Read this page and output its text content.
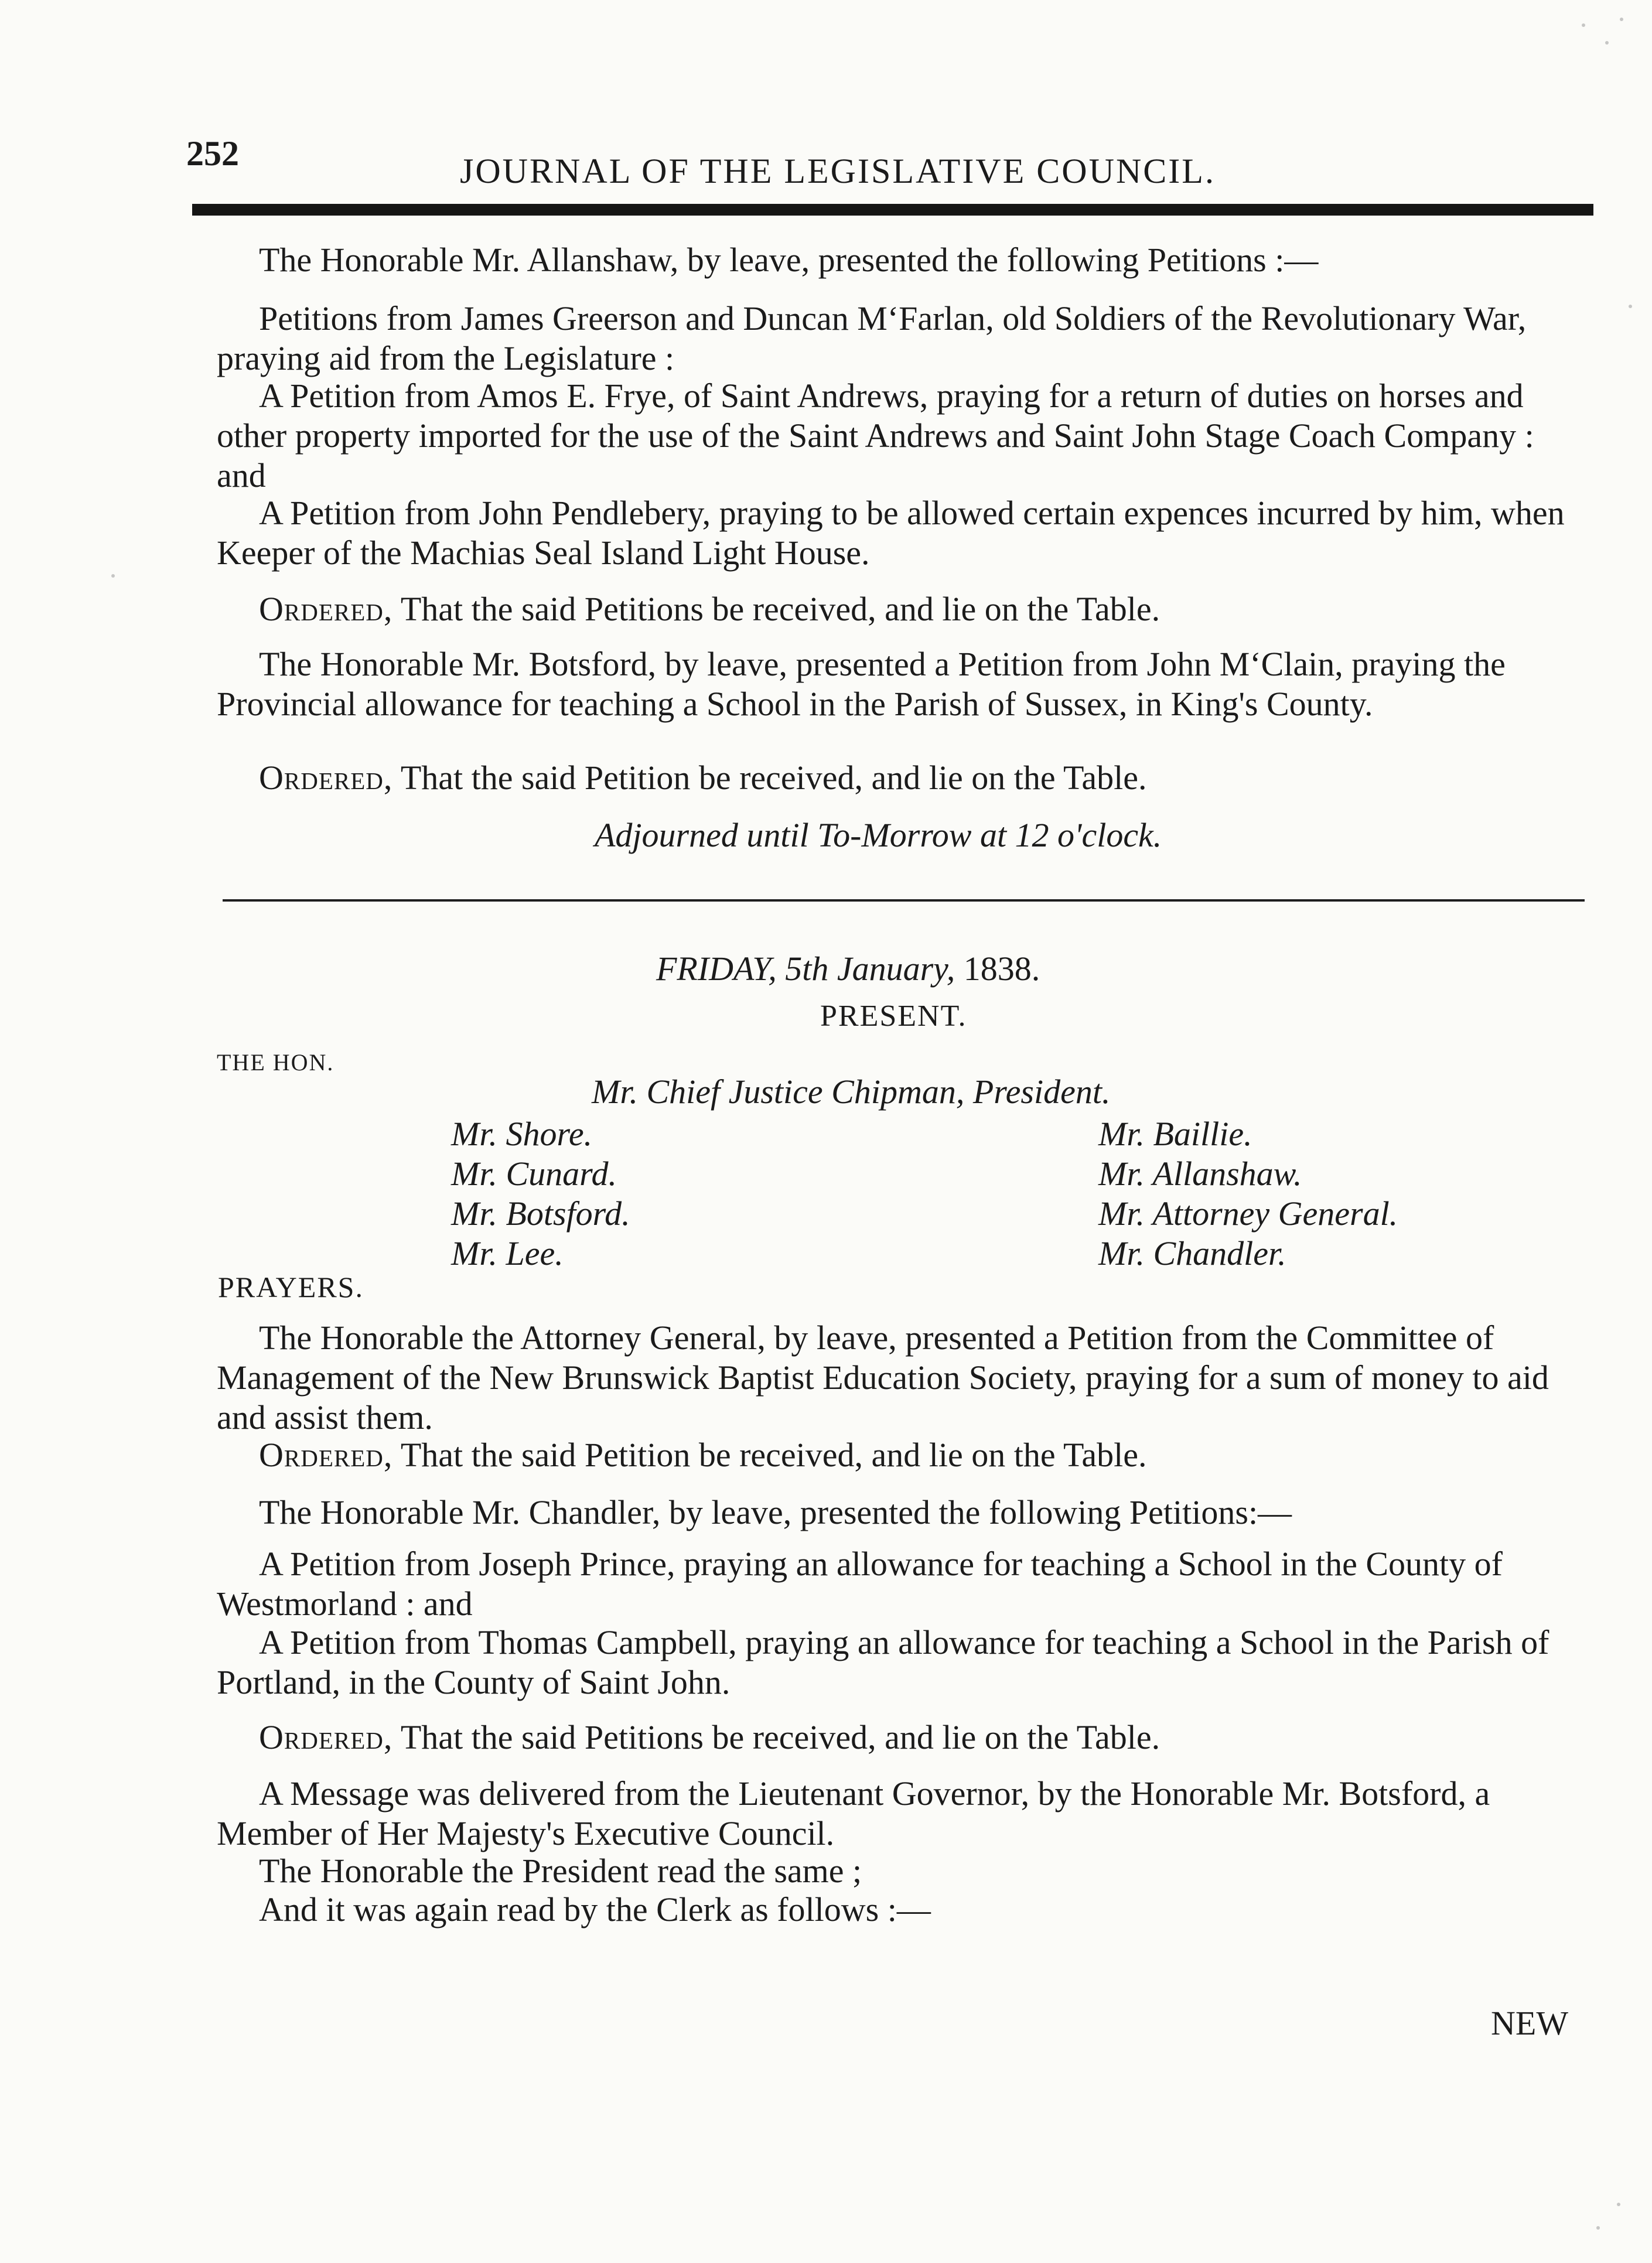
252	JOURNAL OF THE LEGISLATIVE COUNCIL.
The Honorable Mr. Allanshaw, by leave, presented the following Petitions :—
Petitions from James Greerson and Duncan M‘Farlan, old Soldiers of the Revolutionary War, praying aid from the Legislature :
A Petition from Amos E. Frye, of Saint Andrews, praying for a return of duties on horses and other property imported for the use of the Saint Andrews and Saint John Stage Coach Company : and
A Petition from John Pendlebery, praying to be allowed certain expences incurred by him, when Keeper of the Machias Seal Island Light House.
Ordered, That the said Petitions be received, and lie on the Table.
The Honorable Mr. Botsford, by leave, presented a Petition from John M‘Clain, praying the Provincial allowance for teaching a School in the Parish of Sussex, in King's County.
Ordered, That the said Petition be received, and lie on the Table.
Adjourned until To-Morrow at 12 o'clock.
FRIDAY, 5th January, 1838.
PRESENT.
THE HON.
Mr. Chief Justice Chipman, President.
Mr. Shore.
Mr. Cunard.
Mr. Botsford.
Mr. Lee.
Mr. Baillie.
Mr. Allanshaw.
Mr. Attorney General.
Mr. Chandler.
PRAYERS.
The Honorable the Attorney General, by leave, presented a Petition from the Committee of Management of the New Brunswick Baptist Education Society, praying for a sum of money to aid and assist them.
Ordered, That the said Petition be received, and lie on the Table.
The Honorable Mr. Chandler, by leave, presented the following Petitions:—
A Petition from Joseph Prince, praying an allowance for teaching a School in the County of Westmorland : and
A Petition from Thomas Campbell, praying an allowance for teaching a School in the Parish of Portland, in the County of Saint John.
Ordered, That the said Petitions be received, and lie on the Table.
A Message was delivered from the Lieutenant Governor, by the Honorable Mr. Botsford, a Member of Her Majesty's Executive Council.
The Honorable the President read the same ;
And it was again read by the Clerk as follows :—
NEW
